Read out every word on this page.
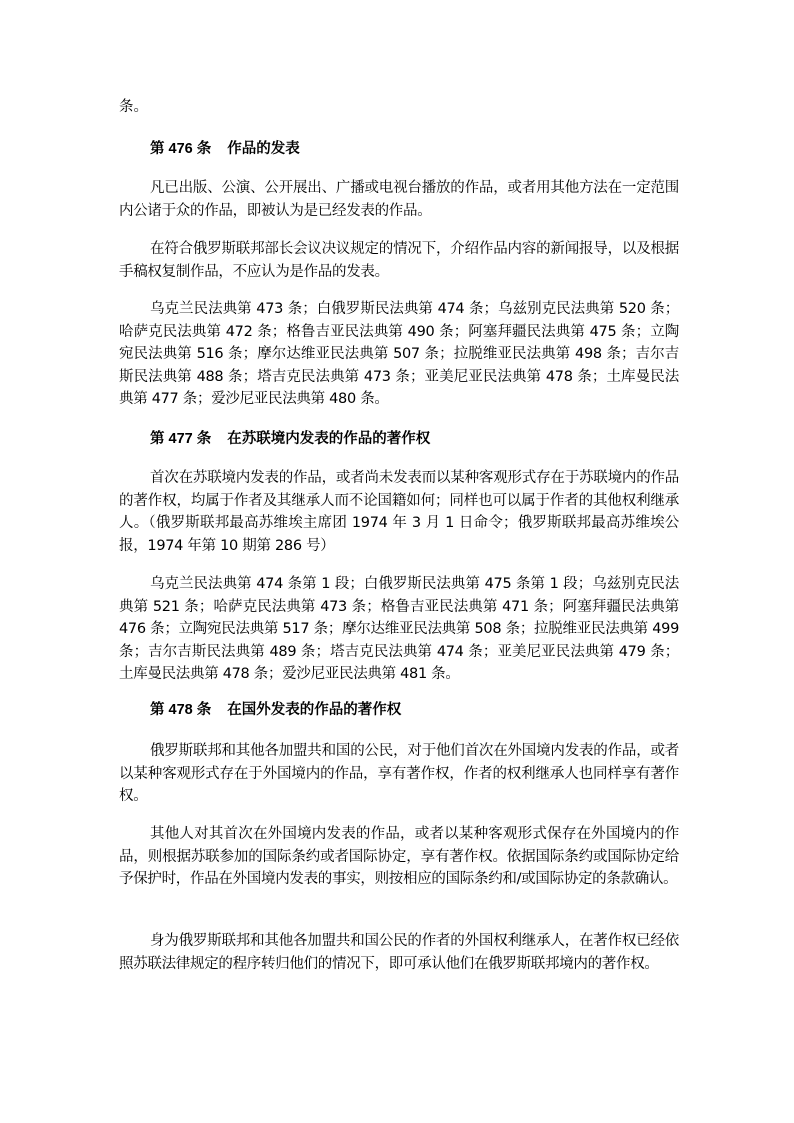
条。

第 476 条 作品的发表

凡已出版、公演、公开展出、广播或电视台播放的作品，或者用其他方法在一定范围内公诸于众的作品，即被认为是已经发表的作品。

在符合俄罗斯联邦部长会议决议规定的情况下，介绍作品内容的新闻报导，以及根据手稿权复制作品，不应认为是作品的发表。

乌克兰民法典第 473 条；白俄罗斯民法典第 474 条；乌兹别克民法典第 520 条；哈萨克民法典第 472 条；格鲁吉亚民法典第 490 条；阿塞拜疆民法典第 475 条；立陶宛民法典第 516 条；摩尔达维亚民法典第 507 条；拉脱维亚民法典第 498 条；吉尔吉斯民法典第 488 条；塔吉克民法典第 473 条；亚美尼亚民法典第 478 条；土库曼民法典第 477 条；爱沙尼亚民法典第 480 条。

第 477 条 在苏联境内发表的作品的著作权

首次在苏联境内发表的作品，或者尚未发表而以某种客观形式存在于苏联境内的作品的著作权，均属于作者及其继承人而不论国籍如何；同样也可以属于作者的其他权利继承人。（俄罗斯联邦最高苏维埃主席团 1974 年 3 月 1 日命令；俄罗斯联邦最高苏维埃公报，1974 年第 10 期第 286 号）

乌克兰民法典第 474 条第 1 段；白俄罗斯民法典第 475 条第 1 段；乌兹别克民法典第 521 条；哈萨克民法典第 473 条；格鲁吉亚民法典第 471 条；阿塞拜疆民法典第 476 条；立陶宛民法典第 517 条；摩尔达维亚民法典第 508 条；拉脱维亚民法典第 499 条；吉尔吉斯民法典第 489 条；塔吉克民法典第 474 条；亚美尼亚民法典第 479 条；土库曼民法典第 478 条；爱沙尼亚民法典第 481 条。

第 478 条 在国外发表的作品的著作权

俄罗斯联邦和其他各加盟共和国的公民，对于他们首次在外国境内发表的作品，或者以某种客观形式存在于外国境内的作品，享有著作权，作者的权利继承人也同样享有著作权。

其他人对其首次在外国境内发表的作品，或者以某种客观形式保存在外国境内的作品，则根据苏联参加的国际条约或者国际协定，享有著作权。依据国际条约或国际协定给予保护时，作品在外国境内发表的事实，则按相应的国际条约和/或国际协定的条款确认。

身为俄罗斯联邦和其他各加盟共和国公民的作者的外国权利继承人，在著作权已经依照苏联法律规定的程序转归他们的情况下，即可承认他们在俄罗斯联邦境内的著作权。
